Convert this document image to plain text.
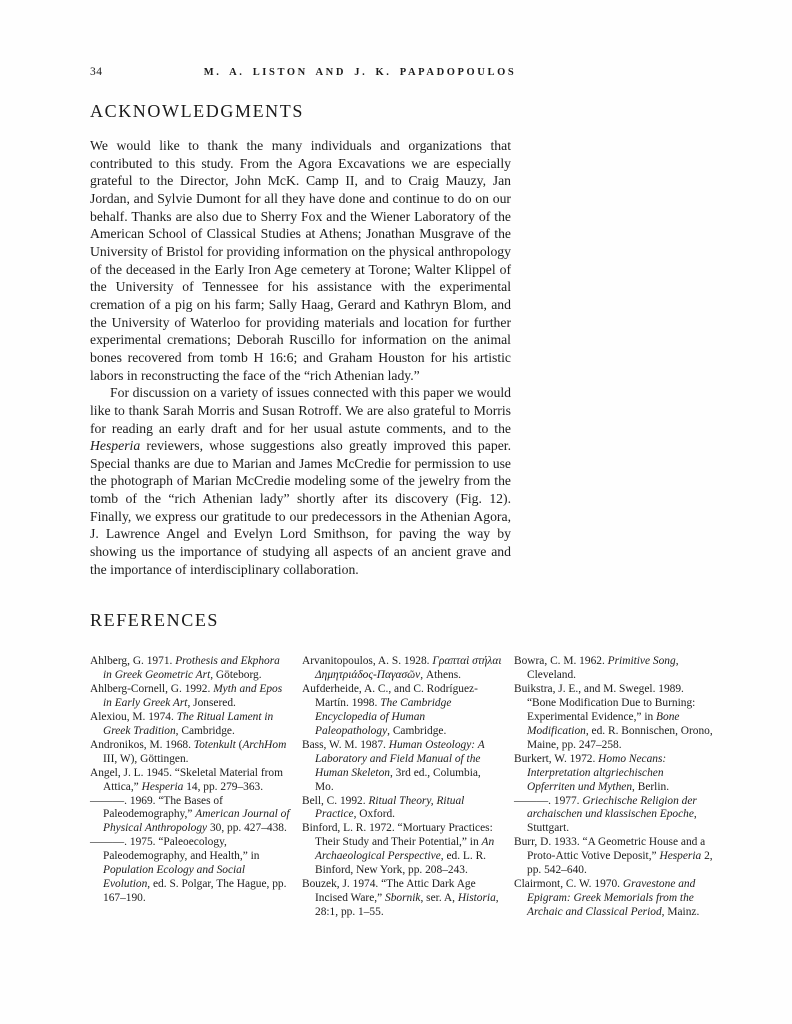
34	M. A. LISTON AND J. K. PAPADOPOULOS
ACKNOWLEDGMENTS

We would like to thank the many individuals and organizations that contributed to this study. From the Agora Excavations we are especially grateful to the Director, John McK. Camp II, and to Craig Mauzy, Jan Jordan, and Sylvie Dumont for all they have done and continue to do on our behalf. Thanks are also due to Sherry Fox and the Wiener Laboratory of the American School of Classical Studies at Athens; Jonathan Musgrave of the University of Bristol for providing information on the physical anthropology of the deceased in the Early Iron Age cemetery at Torone; Walter Klippel of the University of Tennessee for his assistance with the experimental cremation of a pig on his farm; Sally Haag, Gerard and Kathryn Blom, and the University of Waterloo for providing materials and location for further experimental cremations; Deborah Ruscillo for information on the animal bones recovered from tomb H 16:6; and Graham Houston for his artistic labors in reconstructing the face of the “rich Athenian lady.”

For discussion on a variety of issues connected with this paper we would like to thank Sarah Morris and Susan Rotroff. We are also grateful to Morris for reading an early draft and for her usual astute comments, and to the Hesperia reviewers, whose suggestions also greatly improved this paper. Special thanks are due to Marian and James McCredie for permission to use the photograph of Marian McCredie modeling some of the jewelry from the tomb of the “rich Athenian lady” shortly after its discovery (Fig. 12). Finally, we express our gratitude to our predecessors in the Athenian Agora, J. Lawrence Angel and Evelyn Lord Smithson, for paving the way by showing us the importance of studying all aspects of an ancient grave and the importance of interdisciplinary collaboration.

REFERENCES

Ahlberg, G. 1971. Prothesis and Ekphora in Greek Geometric Art, Göteborg.

Ahlberg-Cornell, G. 1992. Myth and Epos in Early Greek Art, Jonsered.

Alexiou, M. 1974. The Ritual Lament in Greek Tradition, Cambridge.

Andronikos, M. 1968. Totenkult (ArchHom III, W), Göttingen.

Angel, J. L. 1945. “Skeletal Material from Attica,” Hesperia 14, pp. 279–363.

———. 1969. “The Bases of Paleodemography,” American Journal of Physical Anthropology 30, pp. 427–438.

———. 1975. “Paleoecology, Paleodemography, and Health,” in Population Ecology and Social Evolution, ed. S. Polgar, The Hague, pp. 167–190.

Arvanitopoulos, A. S. 1928. Γραπταὶ στήλαι Δημητριάδος-Παγασῶν, Athens.

Aufderheide, A. C., and C. Rodríguez-Martín. 1998. The Cambridge Encyclopedia of Human Paleopathology, Cambridge.

Bass, W. M. 1987. Human Osteology: A Laboratory and Field Manual of the Human Skeleton, 3rd ed., Columbia, Mo.

Bell, C. 1992. Ritual Theory, Ritual Practice, Oxford.

Binford, L. R. 1972. “Mortuary Practices: Their Study and Their Potential,” in An Archaeological Perspective, ed. L. R. Binford, New York, pp. 208–243.

Bouzek, J. 1974. “The Attic Dark Age Incised Ware,” Sbornik, ser. A, Historia, 28:1, pp. 1–55.

Bowra, C. M. 1962. Primitive Song, Cleveland.

Buikstra, J. E., and M. Swegel. 1989. “Bone Modification Due to Burning: Experimental Evidence,” in Bone Modification, ed. R. Bonnischen, Orono, Maine, pp. 247–258.

Burkert, W. 1972. Homo Necans: Interpretation altgriechischen Opferriten und Mythen, Berlin.

———. 1977. Griechische Religion der archaischen und klassischen Epoche, Stuttgart.

Burr, D. 1933. “A Geometric House and a Proto-Attic Votive Deposit,” Hesperia 2, pp. 542–640.

Clairmont, C. W. 1970. Gravestone and Epigram: Greek Memorials from the Archaic and Classical Period, Mainz.
